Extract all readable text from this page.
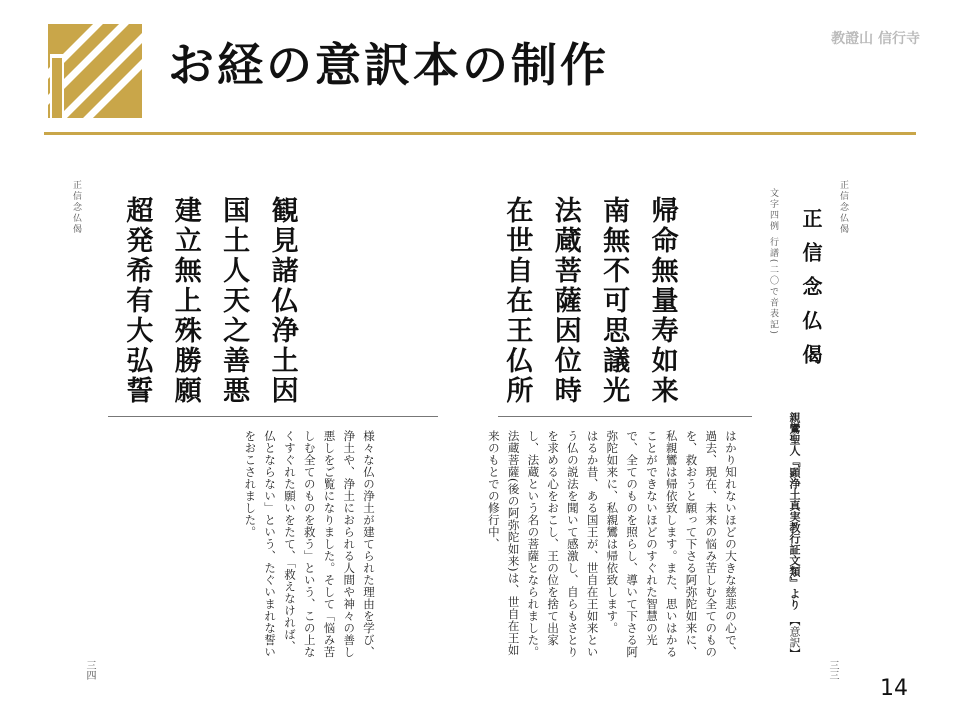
お経の意訳本の制作	教證山 信行寺
正信念仏偈	観見諸仏浄土因
国土人天之善悪
建立無上殊勝願
超発希有大弘誓

様々な仏の浄土が建てられた理由を学び、浄土や、浄土におられる人間や神々の善し悪しをご覧になりました。そして「悩み苦しむ全てのものを救う」という、この上なくすぐれた願いをたて、「救えなければ、仏とならない」という、たぐいまれな誓いをおこされました。

三四
正信念仏偈
正信念仏偈
文字四例 行譜(二〇で音表記)
帰命無量寿如来
南無不可思議光
法蔵菩薩因位時
在世自在王仏所
親鸞聖人『顕浄土真実教行証文類』より 【意訳】

はかり知れないほどの大きな慈悲の心で、過去、現在、未来の悩み苦しむ全てのものを、救おうと願って下さる阿弥陀如来に、私親鸞は帰依致します。また、思いはかることができないほどのすぐれた智慧の光で、全てのものを照らし、導いて下さる阿弥陀如来に、私親鸞は帰依致します。

はるか昔、ある国王が、世自在王如来という仏の説法を聞いて感激し、自らもさとりを求める心をおこし、王の位を捨て出家し、法蔵という名の菩薩となられました。法蔵菩薩(後の阿弥陀如来)は、世自在王如来のもとでの修行中、

三三
14
